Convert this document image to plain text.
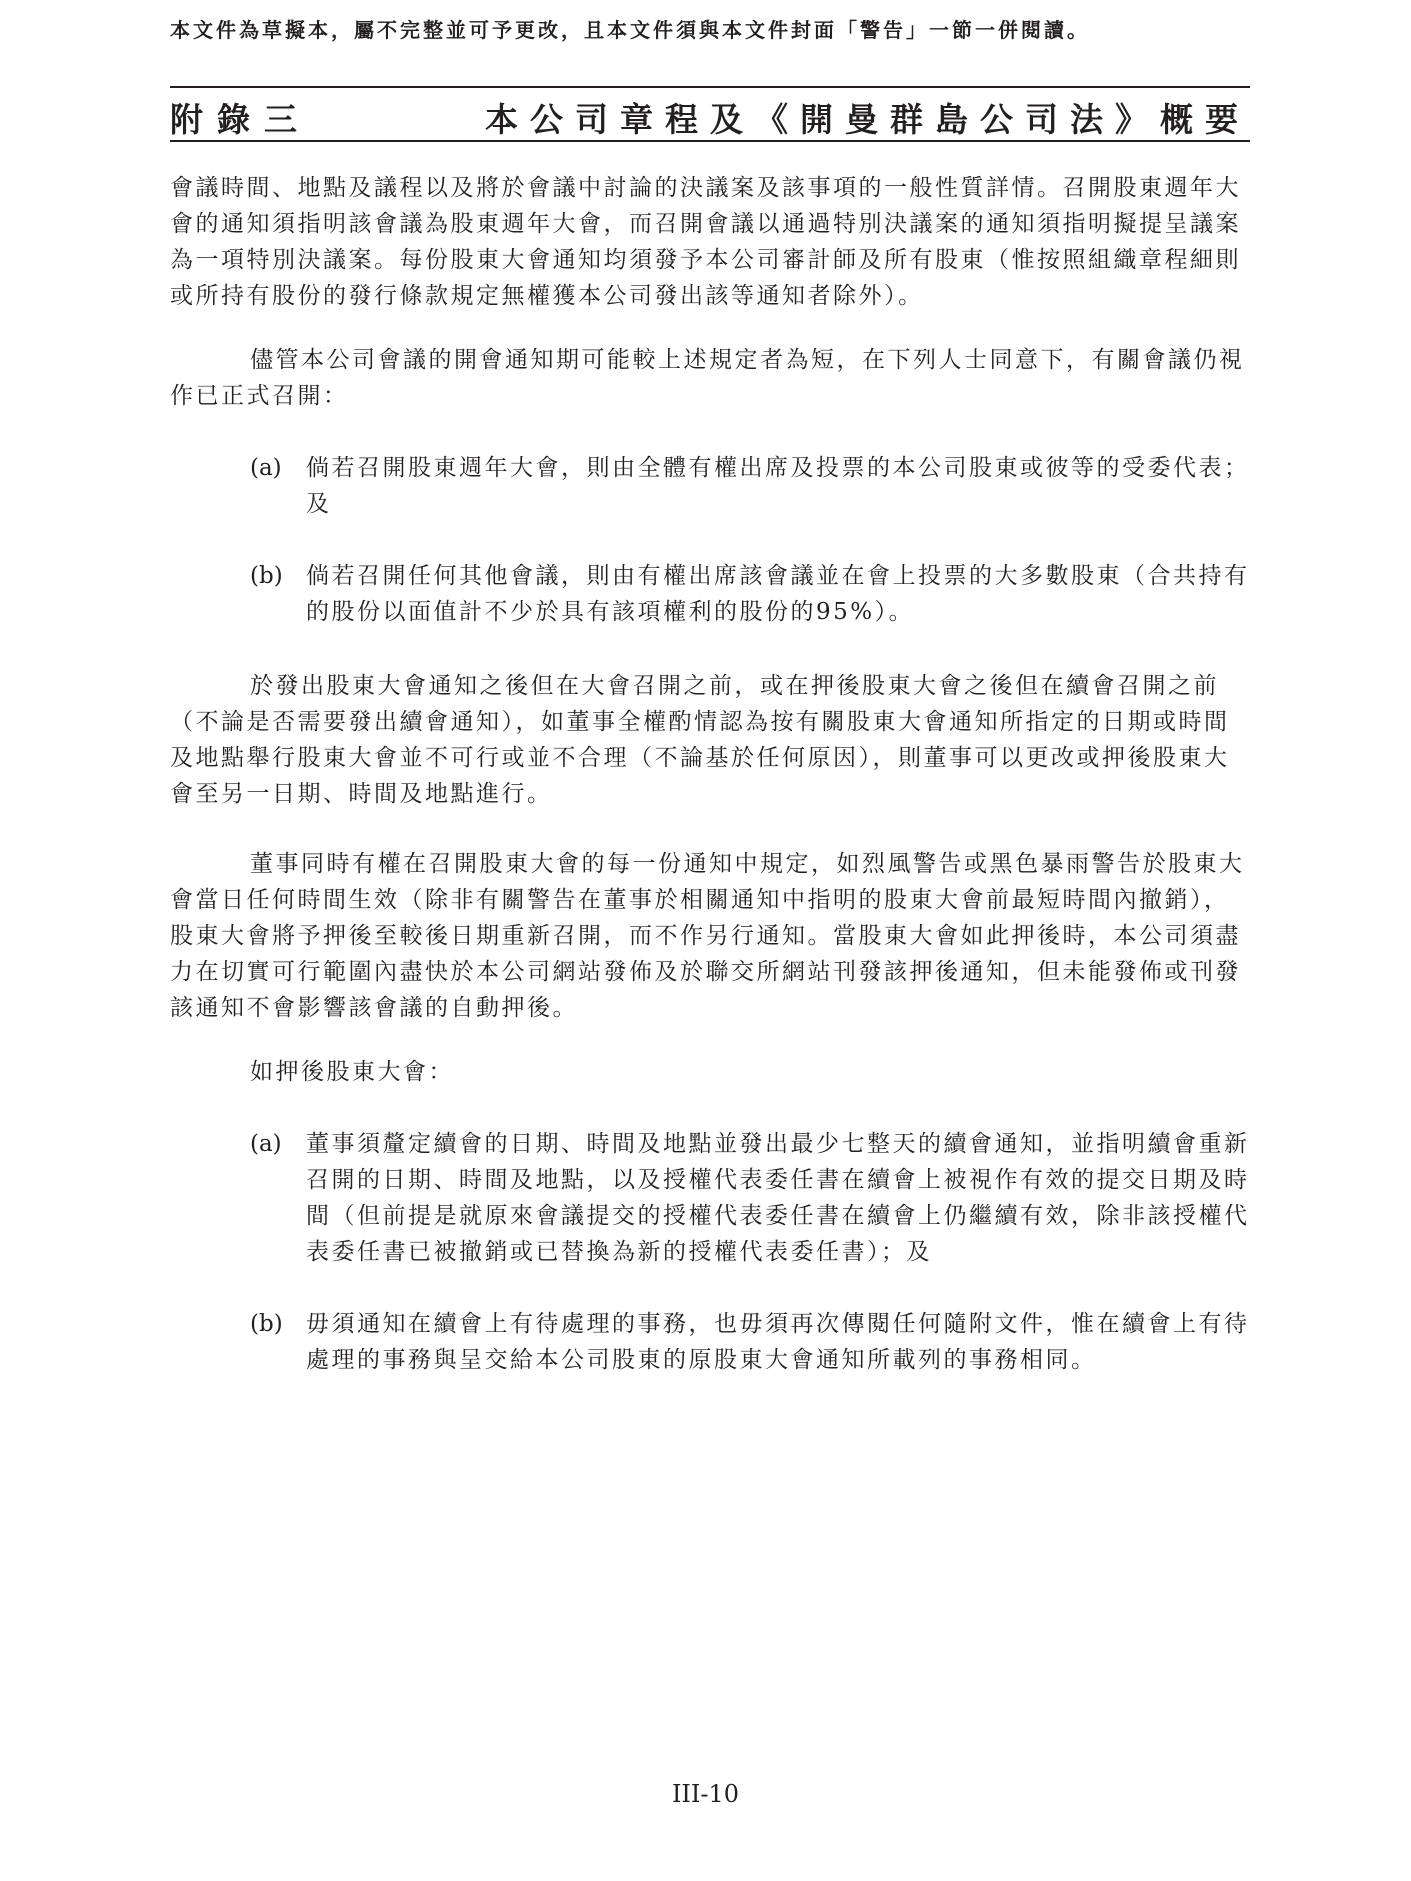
本文件為草擬本，屬不完整並可予更改，且本文件須與本文件封面「警告」一節一併閱讀。
附錄三	本公司章程及《開曼群島公司法》概要

會議時間、地點及議程以及將於會議中討論的決議案及該事項的一般性質詳情。召開股東週年大會的通知須指明該會議為股東週年大會，而召開會議以通過特別決議案的通知須指明擬提呈議案為一項特別決議案。每份股東大會通知均須發予本公司審計師及所有股東（惟按照組織章程細則或所持有股份的發行條款規定無權獲本公司發出該等通知者除外）。

儘管本公司會議的開會通知期可能較上述規定者為短，在下列人士同意下，有關會議仍視作已正式召開：

(a)	倘若召開股東週年大會，則由全體有權出席及投票的本公司股東或彼等的受委代表；及
(b)	倘若召開任何其他會議，則由有權出席該會議並在會上投票的大多數股東（合共持有的股份以面值計不少於具有該項權利的股份的95%）。

於發出股東大會通知之後但在大會召開之前，或在押後股東大會之後但在續會召開之前（不論是否需要發出續會通知），如董事全權酌情認為按有關股東大會通知所指定的日期或時間及地點舉行股東大會並不可行或並不合理（不論基於任何原因），則董事可以更改或押後股東大會至另一日期、時間及地點進行。

董事同時有權在召開股東大會的每一份通知中規定，如烈風警告或黑色暴雨警告於股東大會當日任何時間生效（除非有關警告在董事於相關通知中指明的股東大會前最短時間內撤銷），股東大會將予押後至較後日期重新召開，而不作另行通知。當股東大會如此押後時，本公司須盡力在切實可行範圍內盡快於本公司網站發佈及於聯交所網站刊發該押後通知，但未能發佈或刊發該通知不會影響該會議的自動押後。

如押後股東大會：

(a)	董事須釐定續會的日期、時間及地點並發出最少七整天的續會通知，並指明續會重新召開的日期、時間及地點，以及授權代表委任書在續會上被視作有效的提交日期及時間（但前提是就原來會議提交的授權代表委任書在續會上仍繼續有效，除非該授權代表委任書已被撤銷或已替換為新的授權代表委任書）；及
(b)	毋須通知在續會上有待處理的事務，也毋須再次傳閱任何隨附文件，惟在續會上有待處理的事務與呈交給本公司股東的原股東大會通知所載列的事務相同。
III-10
